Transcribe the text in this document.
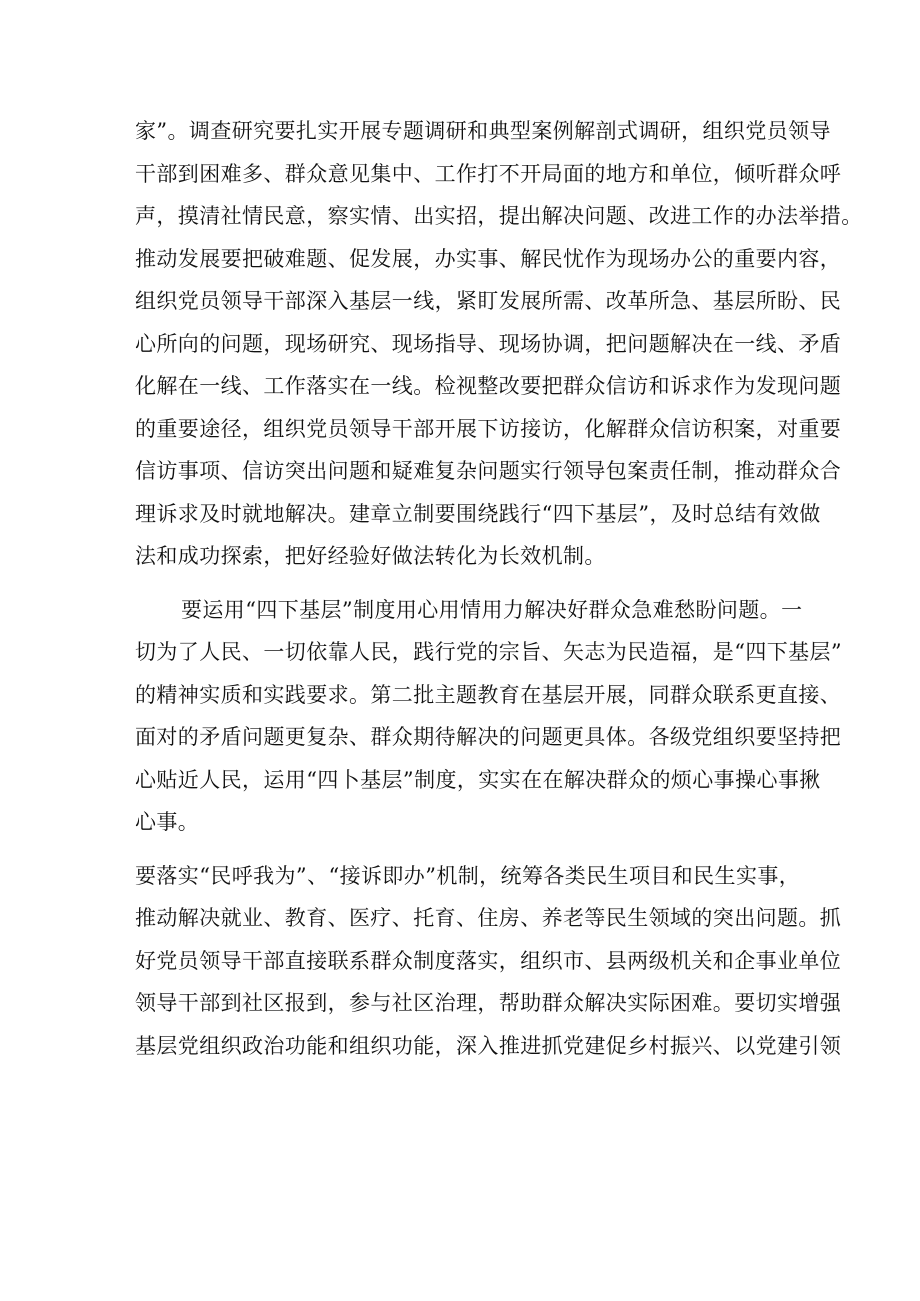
家”。调查研究要扎实开展专题调研和典型案例解剖式调研，组织党员领导
干部到困难多、群众意见集中、工作打不开局面的地方和单位，倾听群众呼
声，摸清社情民意，察实情、出实招，提出解决问题、改进工作的办法举措。
推动发展要把破难题、促发展，办实事、解民忧作为现场办公的重要内容，
组织党员领导干部深入基层一线，紧盯发展所需、改革所急、基层所盼、民
心所向的问题，现场研究、现场指导、现场协调，把问题解决在一线、矛盾
化解在一线、工作落实在一线。检视整改要把群众信访和诉求作为发现问题
的重要途径，组织党员领导干部开展下访接访，化解群众信访积案，对重要
信访事项、信访突出问题和疑难复杂问题实行领导包案责任制，推动群众合
理诉求及时就地解决。建章立制要围绕践行“四下基层”，及时总结有效做
法和成功探索，把好经验好做法转化为长效机制。

要运用“四下基层”制度用心用情用力解决好群众急难愁盼问题。一
切为了人民、一切依靠人民，践行党的宗旨、矢志为民造福，是“四下基层”
的精神实质和实践要求。第二批主题教育在基层开展，同群众联系更直接、
面对的矛盾问题更复杂、群众期待解决的问题更具体。各级党组织要坚持把
心贴近人民，运用“四卜基层”制度，实实在在解决群众的烦心事操心事揪
心事。

要落实“民呼我为”、“接诉即办”机制，统筹各类民生项目和民生实事，
推动解决就业、教育、医疗、托育、住房、养老等民生领域的突出问题。抓
好党员领导干部直接联系群众制度落实，组织市、县两级机关和企事业单位
领导干部到社区报到，参与社区治理，帮助群众解决实际困难。要切实增强
基层党组织政治功能和组织功能，深入推进抓党建促乡村振兴、以党建引领
